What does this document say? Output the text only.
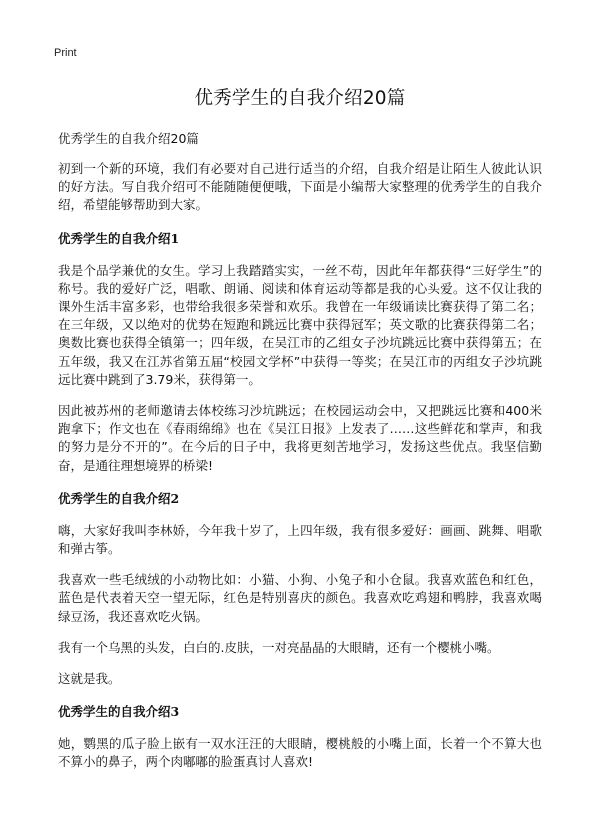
Print
优秀学生的自我介绍20篇

优秀学生的自我介绍20篇

初到一个新的环境，我们有必要对自己进行适当的介绍，自我介绍是让陌生人彼此认识的好方法。写自我介绍可不能随随便便哦，下面是小编帮大家整理的优秀学生的自我介绍，希望能够帮助到大家。

优秀学生的自我介绍1

我是个品学兼优的女生。学习上我踏踏实实，一丝不苟，因此年年都获得“三好学生”的称号。我的爱好广泛，唱歌、朗诵、阅读和体育运动等都是我的心头爱。这不仅让我的课外生活丰富多彩，也带给我很多荣誉和欢乐。我曾在一年级诵读比赛获得了第二名；在三年级，又以绝对的优势在短跑和跳远比赛中获得冠军；英文歌的比赛获得第二名；奥数比赛也获得全镇第一；四年级，在吴江市的乙组女子沙坑跳远比赛中获得第五；在五年级，我又在江苏省第五届“校园文学杯”中获得一等奖；在吴江市的丙组女子沙坑跳远比赛中跳到了3.79米，获得第一。

因此被苏州的老师邀请去体校练习沙坑跳远；在校园运动会中，又把跳远比赛和400米跑拿下；作文也在《春雨绵绵》也在《吴江日报》上发表了……这些鲜花和掌声，和我的努力是分不开的”。在今后的日子中，我将更刻苦地学习，发扬这些优点。我坚信勤奋，是通往理想境界的桥梁!

优秀学生的自我介绍2

嗨，大家好我叫李林娇，今年我十岁了，上四年级，我有很多爱好：画画、跳舞、唱歌和弹古筝。

我喜欢一些毛绒绒的小动物比如：小猫、小狗、小兔子和小仓鼠。我喜欢蓝色和红色，蓝色是代表着天空一望无际，红色是特别喜庆的颜色。我喜欢吃鸡翅和鸭脖，我喜欢喝绿豆汤，我还喜欢吃火锅。

我有一个乌黑的头发，白白的.皮肤，一对亮晶晶的大眼睛，还有一个樱桃小嘴。

这就是我。

优秀学生的自我介绍3

她，鹦黑的瓜子脸上嵌有一双水汪汪的大眼睛，樱桃般的小嘴上面，长着一个不算大也不算小的鼻子，两个肉嘟嘟的脸蛋真讨人喜欢!
